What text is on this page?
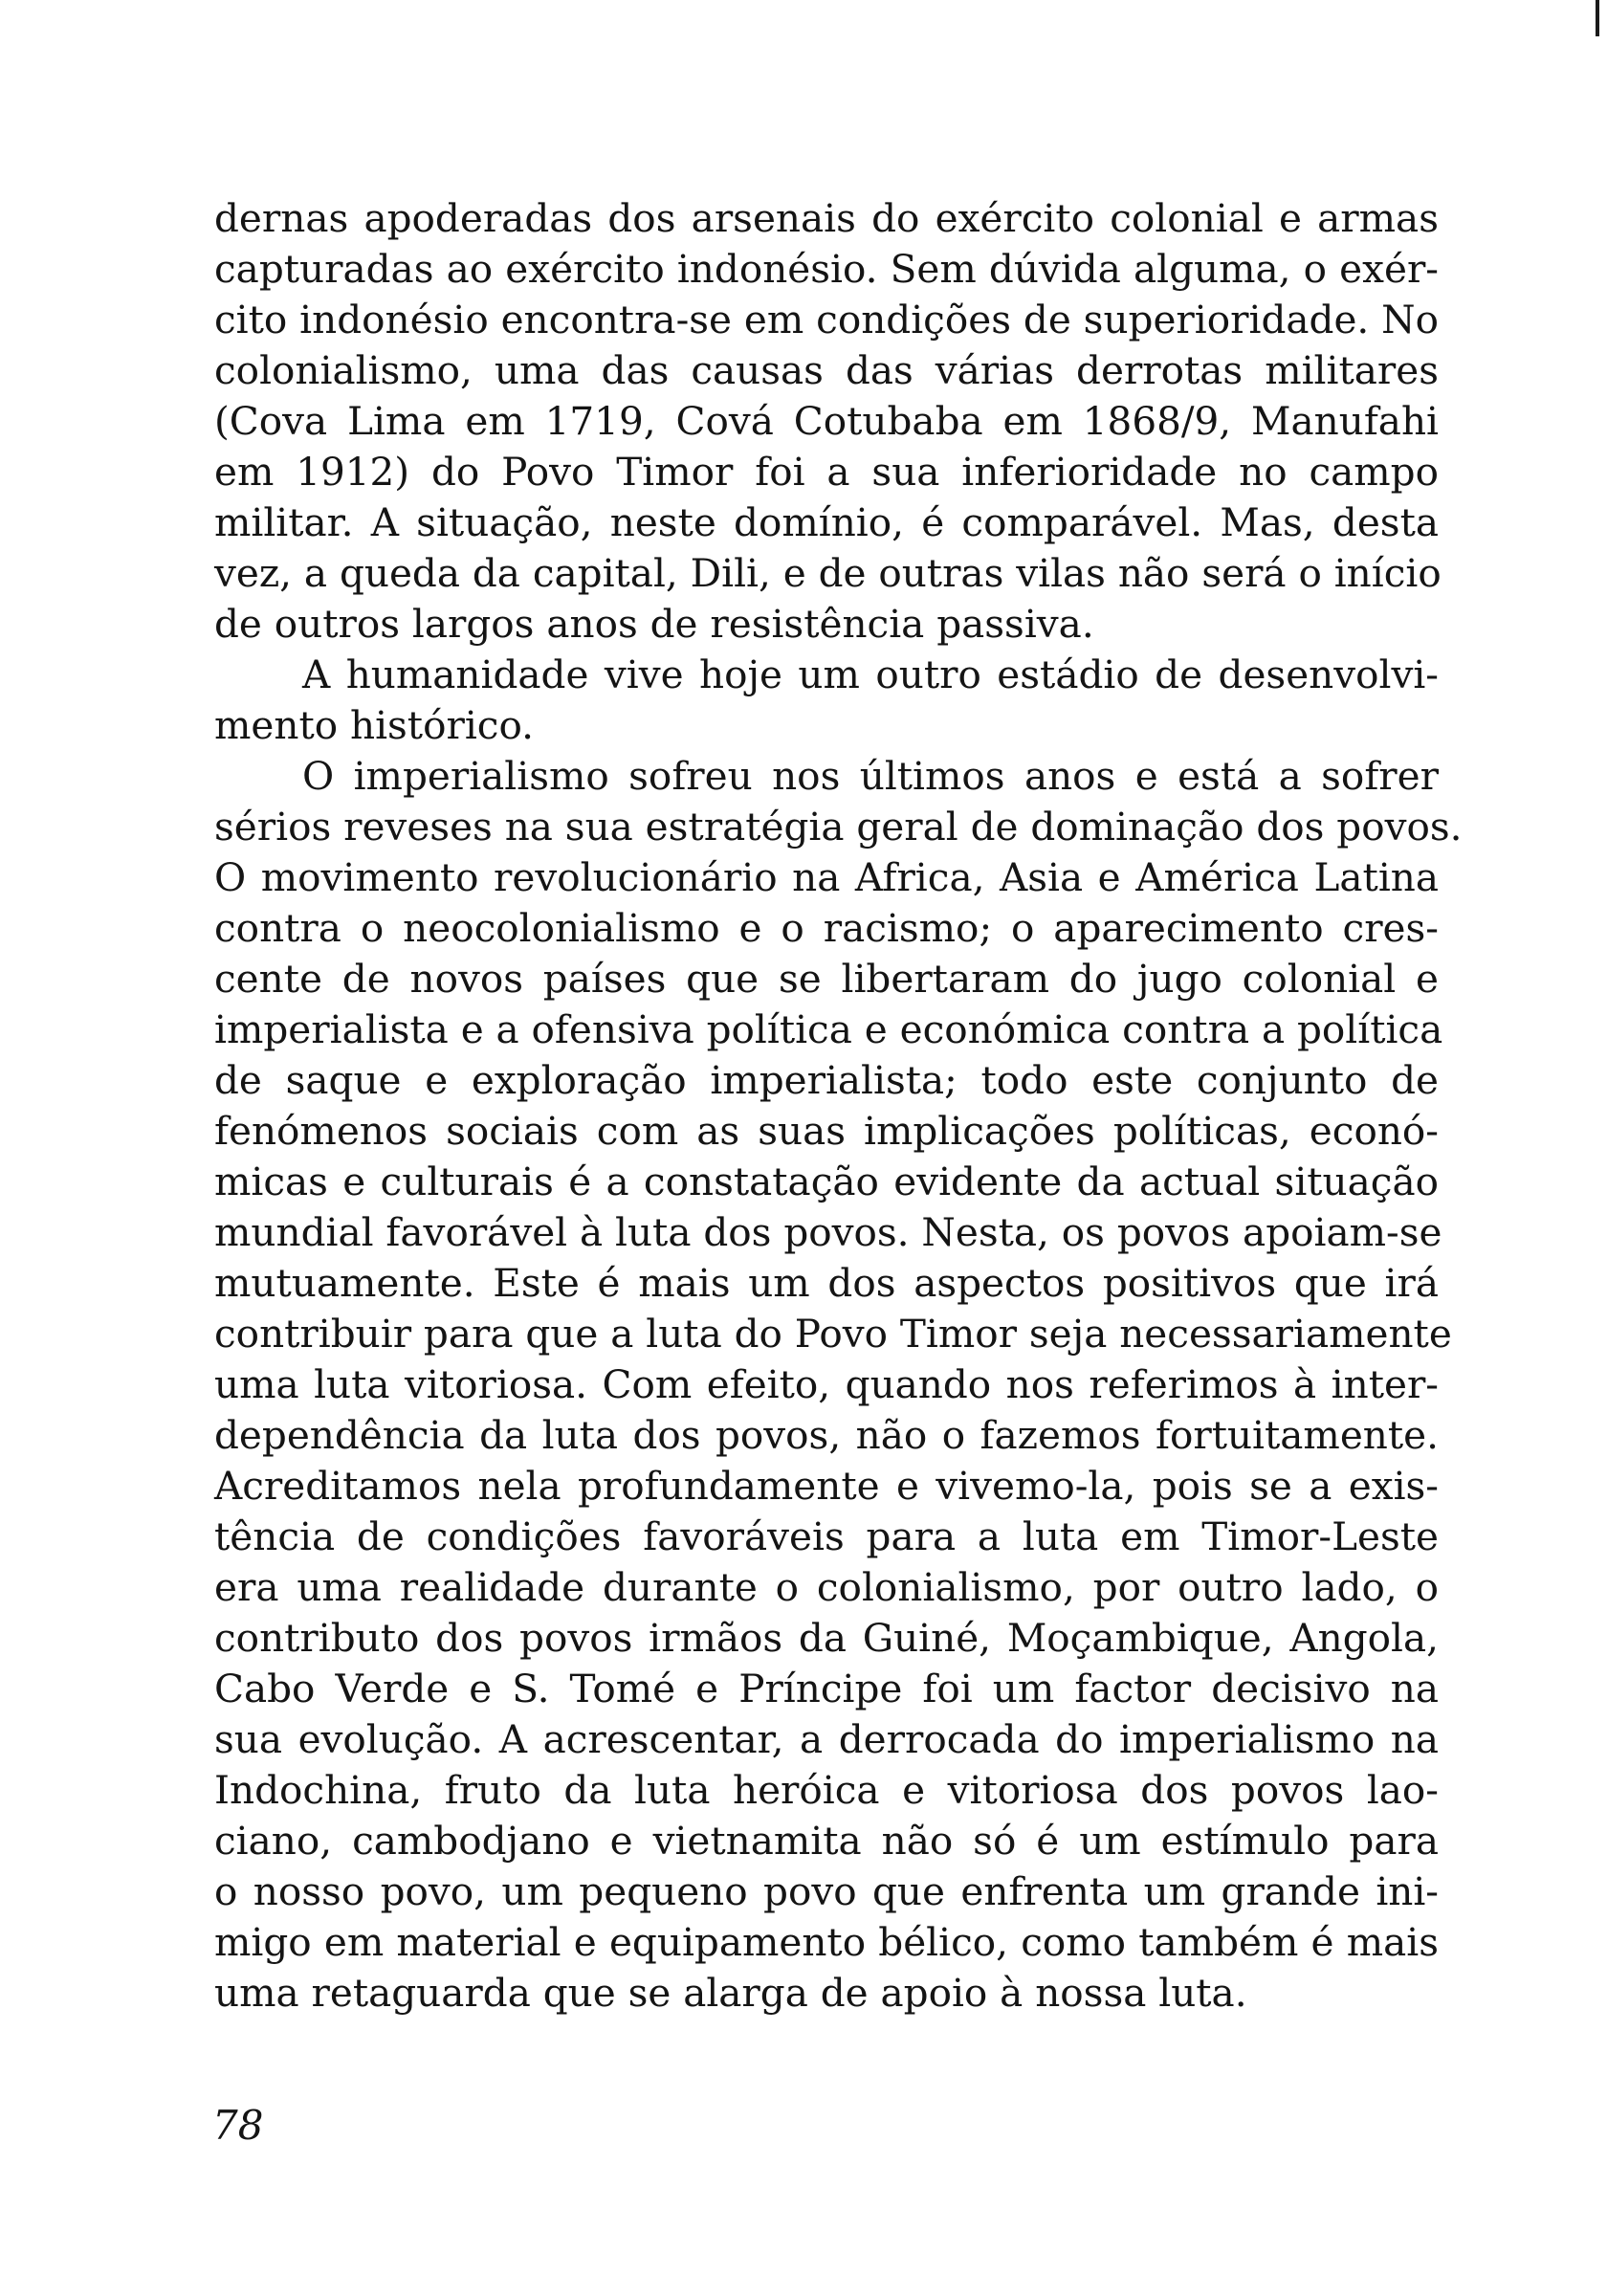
dernas apoderadas dos arsenais do exército colonial e armas
capturadas ao exército indonésio. Sem dúvida alguma, o exér-
cito indonésio encontra-se em condições de superioridade. No
colonialismo, uma das causas das várias derrotas militares
(Cova Lima em 1719, Cová Cotubaba em 1868/9, Manufahi
em 1912) do Povo Timor foi a sua inferioridade no campo
militar. A situação, neste domínio, é comparável. Mas, desta
vez, a queda da capital, Dili, e de outras vilas não será o início
de outros largos anos de resistência passiva.
A humanidade vive hoje um outro estádio de desenvolvi-
mento histórico.
O imperialismo sofreu nos últimos anos e está a sofrer
sérios reveses na sua estratégia geral de dominação dos povos.
O movimento revolucionário na Africa, Asia e América Latina
contra o neocolonialismo e o racismo; o aparecimento cres-
cente de novos países que se libertaram do jugo colonial e
imperialista e a ofensiva política e económica contra a política
de saque e exploração imperialista; todo este conjunto de
fenómenos sociais com as suas implicações políticas, econó-
micas e culturais é a constatação evidente da actual situação
mundial favorável à luta dos povos. Nesta, os povos apoiam-se
mutuamente. Este é mais um dos aspectos positivos que irá
contribuir para que a luta do Povo Timor seja necessariamente
uma luta vitoriosa. Com efeito, quando nos referimos à inter-
dependência da luta dos povos, não o fazemos fortuitamente.
Acreditamos nela profundamente e vivemo-la, pois se a exis-
tência de condições favoráveis para a luta em Timor-Leste
era uma realidade durante o colonialismo, por outro lado, o
contributo dos povos irmãos da Guiné, Moçambique, Angola,
Cabo Verde e S. Tomé e Príncipe foi um factor decisivo na
sua evolução. A acrescentar, a derrocada do imperialismo na
Indochina, fruto da luta heróica e vitoriosa dos povos lao-
ciano, cambodjano e vietnamita não só é um estímulo para
o nosso povo, um pequeno povo que enfrenta um grande ini-
migo em material e equipamento bélico, como também é mais
uma retaguarda que se alarga de apoio à nossa luta.
78
